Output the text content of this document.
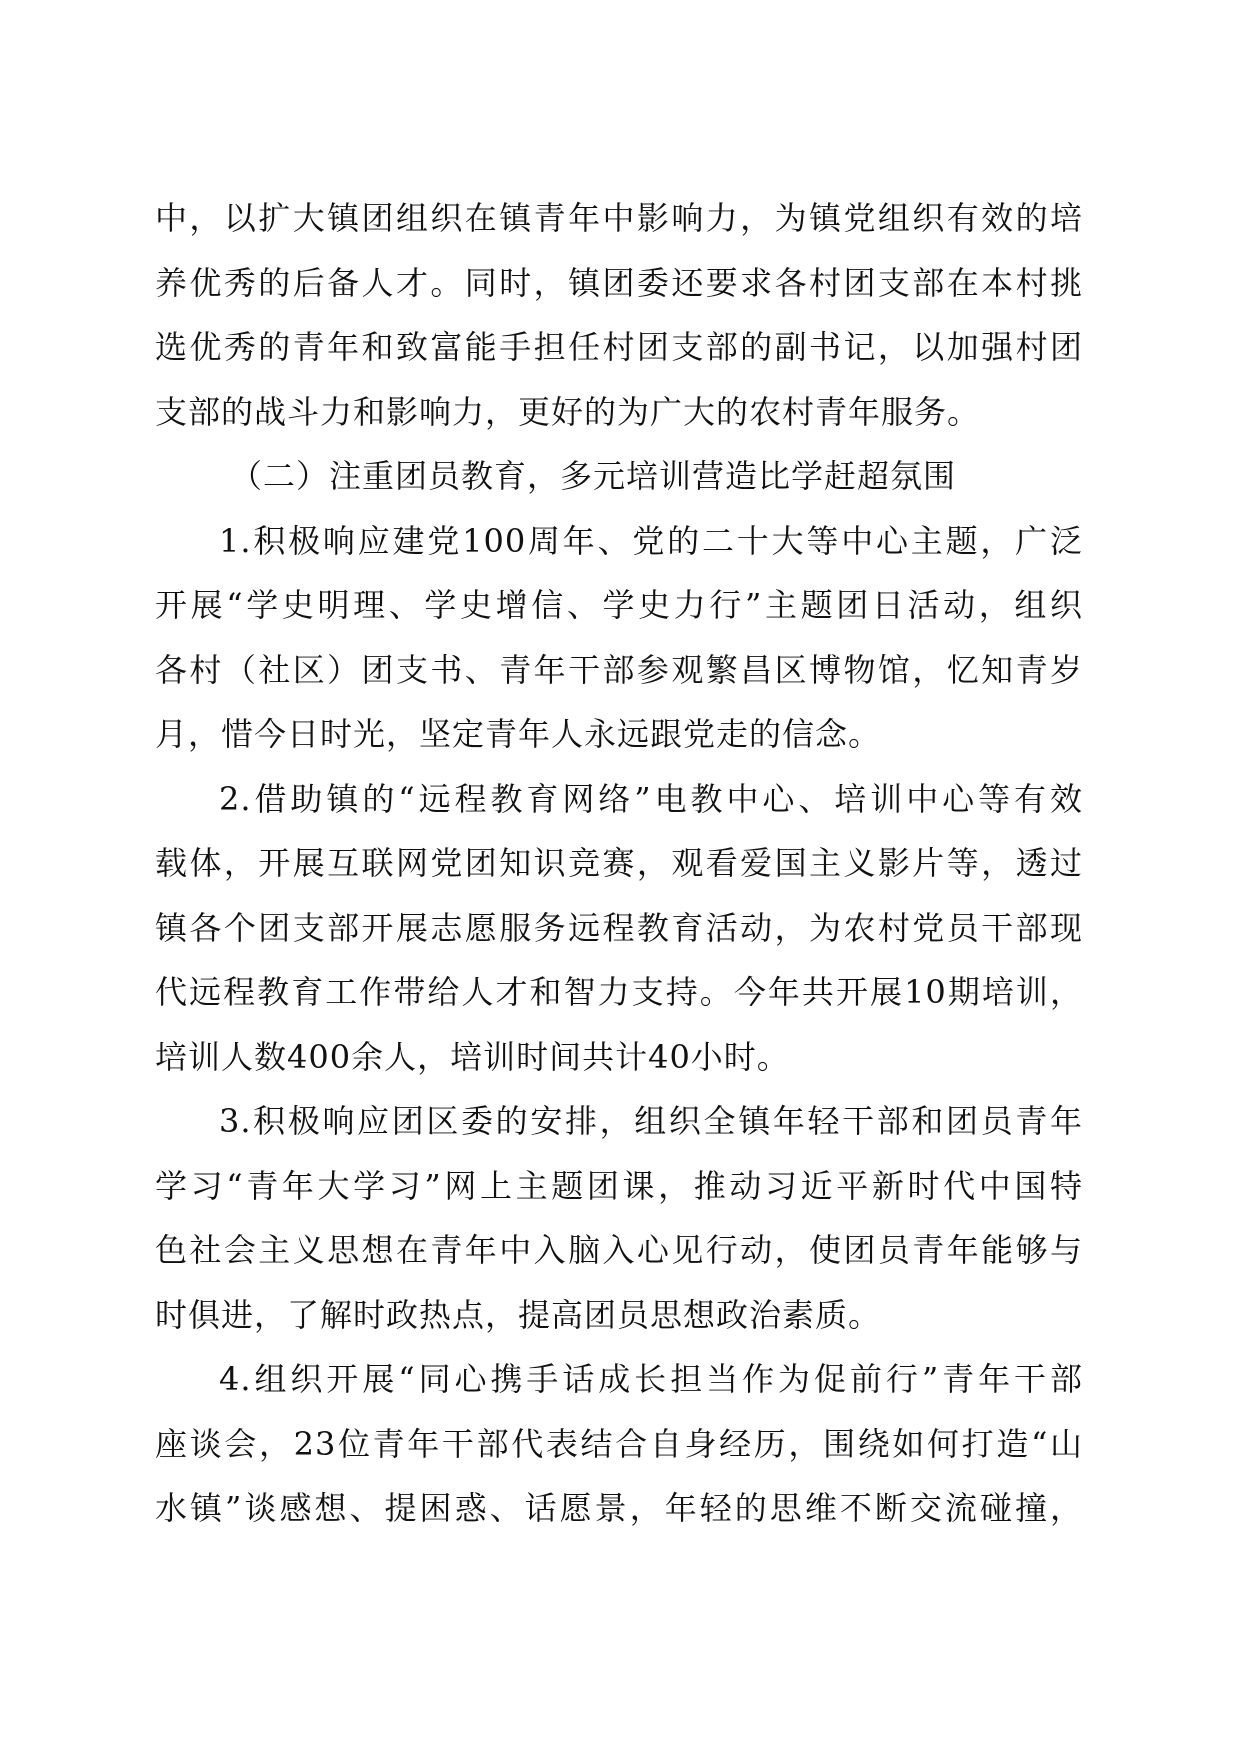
中，以扩大镇团组织在镇青年中影响力，为镇党组织有效的培
养优秀的后备人才。同时，镇团委还要求各村团支部在本村挑
选优秀的青年和致富能手担任村团支部的副书记，以加强村团
支部的战斗力和影响力，更好的为广大的农村青年服务。
（二）注重团员教育，多元培训营造比学赶超氛围
1.积极响应建党100周年、党的二十大等中心主题，广泛
开展“学史明理、学史增信、学史力行”主题团日活动，组织
各村（社区）团支书、青年干部参观繁昌区博物馆，忆知青岁
月，惜今日时光，坚定青年人永远跟党走的信念。
2.借助镇的“远程教育网络”电教中心、培训中心等有效
载体，开展互联网党团知识竞赛，观看爱国主义影片等，透过
镇各个团支部开展志愿服务远程教育活动，为农村党员干部现
代远程教育工作带给人才和智力支持。今年共开展10期培训，
培训人数400余人，培训时间共计40小时。
3.积极响应团区委的安排，组织全镇年轻干部和团员青年
学习“青年大学习”网上主题团课，推动习近平新时代中国特
色社会主义思想在青年中入脑入心见行动，使团员青年能够与
时俱进，了解时政热点，提高团员思想政治素质。
4.组织开展“同心携手话成长担当作为促前行”青年干部
座谈会，23位青年干部代表结合自身经历，围绕如何打造“山
水镇”谈感想、提困惑、话愿景，年轻的思维不断交流碰撞，
